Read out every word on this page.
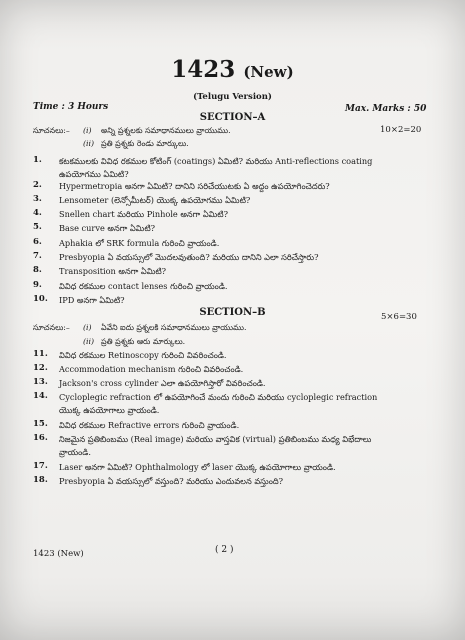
1423 (New)
(Telugu Version)
Time : 3 Hours	Max. Marks : 50
SECTION–A
10×2=20
సూచనలు:– (i) అన్ని ప్రశ్నలకు సమాధానములు వ్రాయుము.
(ii) ప్రతి ప్రశ్నకు రెండు మార్కులు.
1. కటకములకు వివిధ రకముల కోటింగ్ (coatings) ఏమిటి? మరియు Anti-reflections coating
ఉపయోగము ఏమిటి?
2. Hypermetropia అనగా ఏమిటి? దానిని సరిచేయుటకు ఏ అద్దం ఉపయోగించెదరు?
3. Lensometer (లెన్సోమీటర్) యొక్క ఉపయోగము ఏమిటి?
4. Snellen chart మరియు Pinhole అనగా ఏమిటి?
5. Base curve అనగా ఏమిటి?
6. Aphakia లో SRK formula గురించి వ్రాయండి.
7. Presbyopia ఏ వయస్సులో మొదలవుతుంది? మరియు దానిని ఎలా సరిచేస్తారు?
8. Transposition అనగా ఏమిటి?
9. వివిధ రకముల contact lenses గురించి వ్రాయండి.
10. IPD అనగా ఏమిటి?
SECTION–B	5×6=30
సూచనలు:– (i) ఏవేని ఐదు ప్రశ్నలకి సమాధానములు వ్రాయుము.
(ii) ప్రతి ప్రశ్నకు ఆరు మార్కులు.
11. వివిధ రకముల Retinoscopy గురించి వివరించండి.
12. Accommodation mechanism గురించి వివరించండి.
13. Jackson's cross cylinder ఎలా ఉపయోగిస్తారో వివరించండి.
14. Cycloplegic refraction లో ఉపయోగించే మందు గురించి మరియు cycloplegic refraction
యొక్క ఉపయోగాలు వ్రాయండి.
15. వివిధ రకముల Refractive errors గురించి వ్రాయండి.
16. నిజమైన ప్రతిబింబము (Real image) మరియు వాస్తవిక (virtual) ప్రతిబింబము మధ్య విభేదాలు
వ్రాయండి.
17. Laser అనగా ఏమిటి? Ophthalmology లో laser యొక్క ఉపయోగాలు వ్రాయండి.
18. Presbyopia ఏ వయస్సులో వస్తుంది? మరియు ఎందువలన వస్తుంది?
1423 (New)	( 2 )
